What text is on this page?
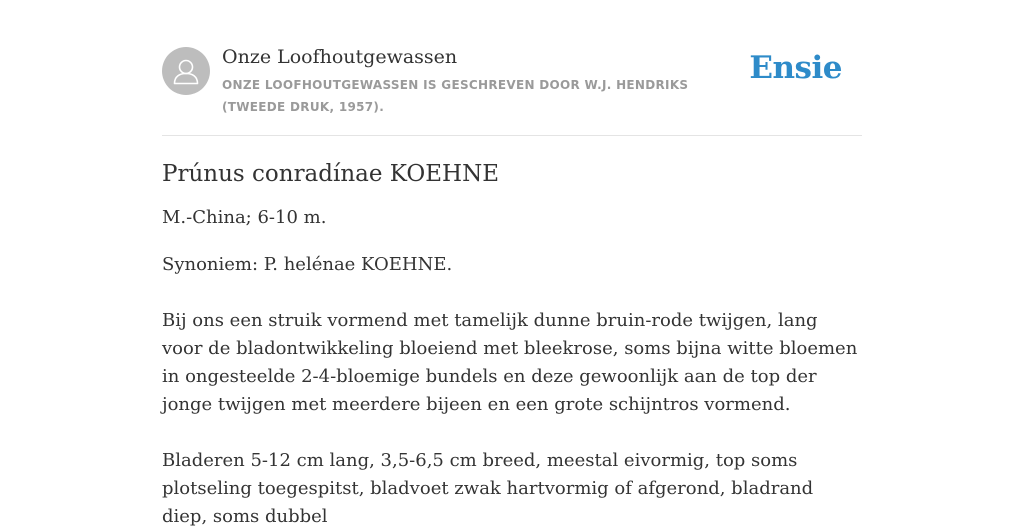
Onze Loofhoutgewassen
ONZE LOOFHOUTGEWASSEN IS GESCHREVEN DOOR W.J. HENDRIKS (TWEEDE DRUK, 1957).
Ensie
Prúnus conradínae KOEHNE

M.-China; 6-10 m.

Synoniem: P. helénae KOEHNE.

Bij ons een struik vormend met tamelijk dunne bruin-rode twijgen, lang voor de bladontwikkeling bloeiend met bleekrose, soms bijna witte bloemen in ongesteelde 2-4-bloemige bundels en deze gewoonlijk aan de top der jonge twijgen met meerdere bijeen en een grote schijntros vormend.

Bladeren 5-12 cm lang, 3,5-6,5 cm breed, meestal eivormig, top soms plotseling toegespitst, bladvoet zwak hartvormig of afgerond, bladrand diep, soms dubbel
